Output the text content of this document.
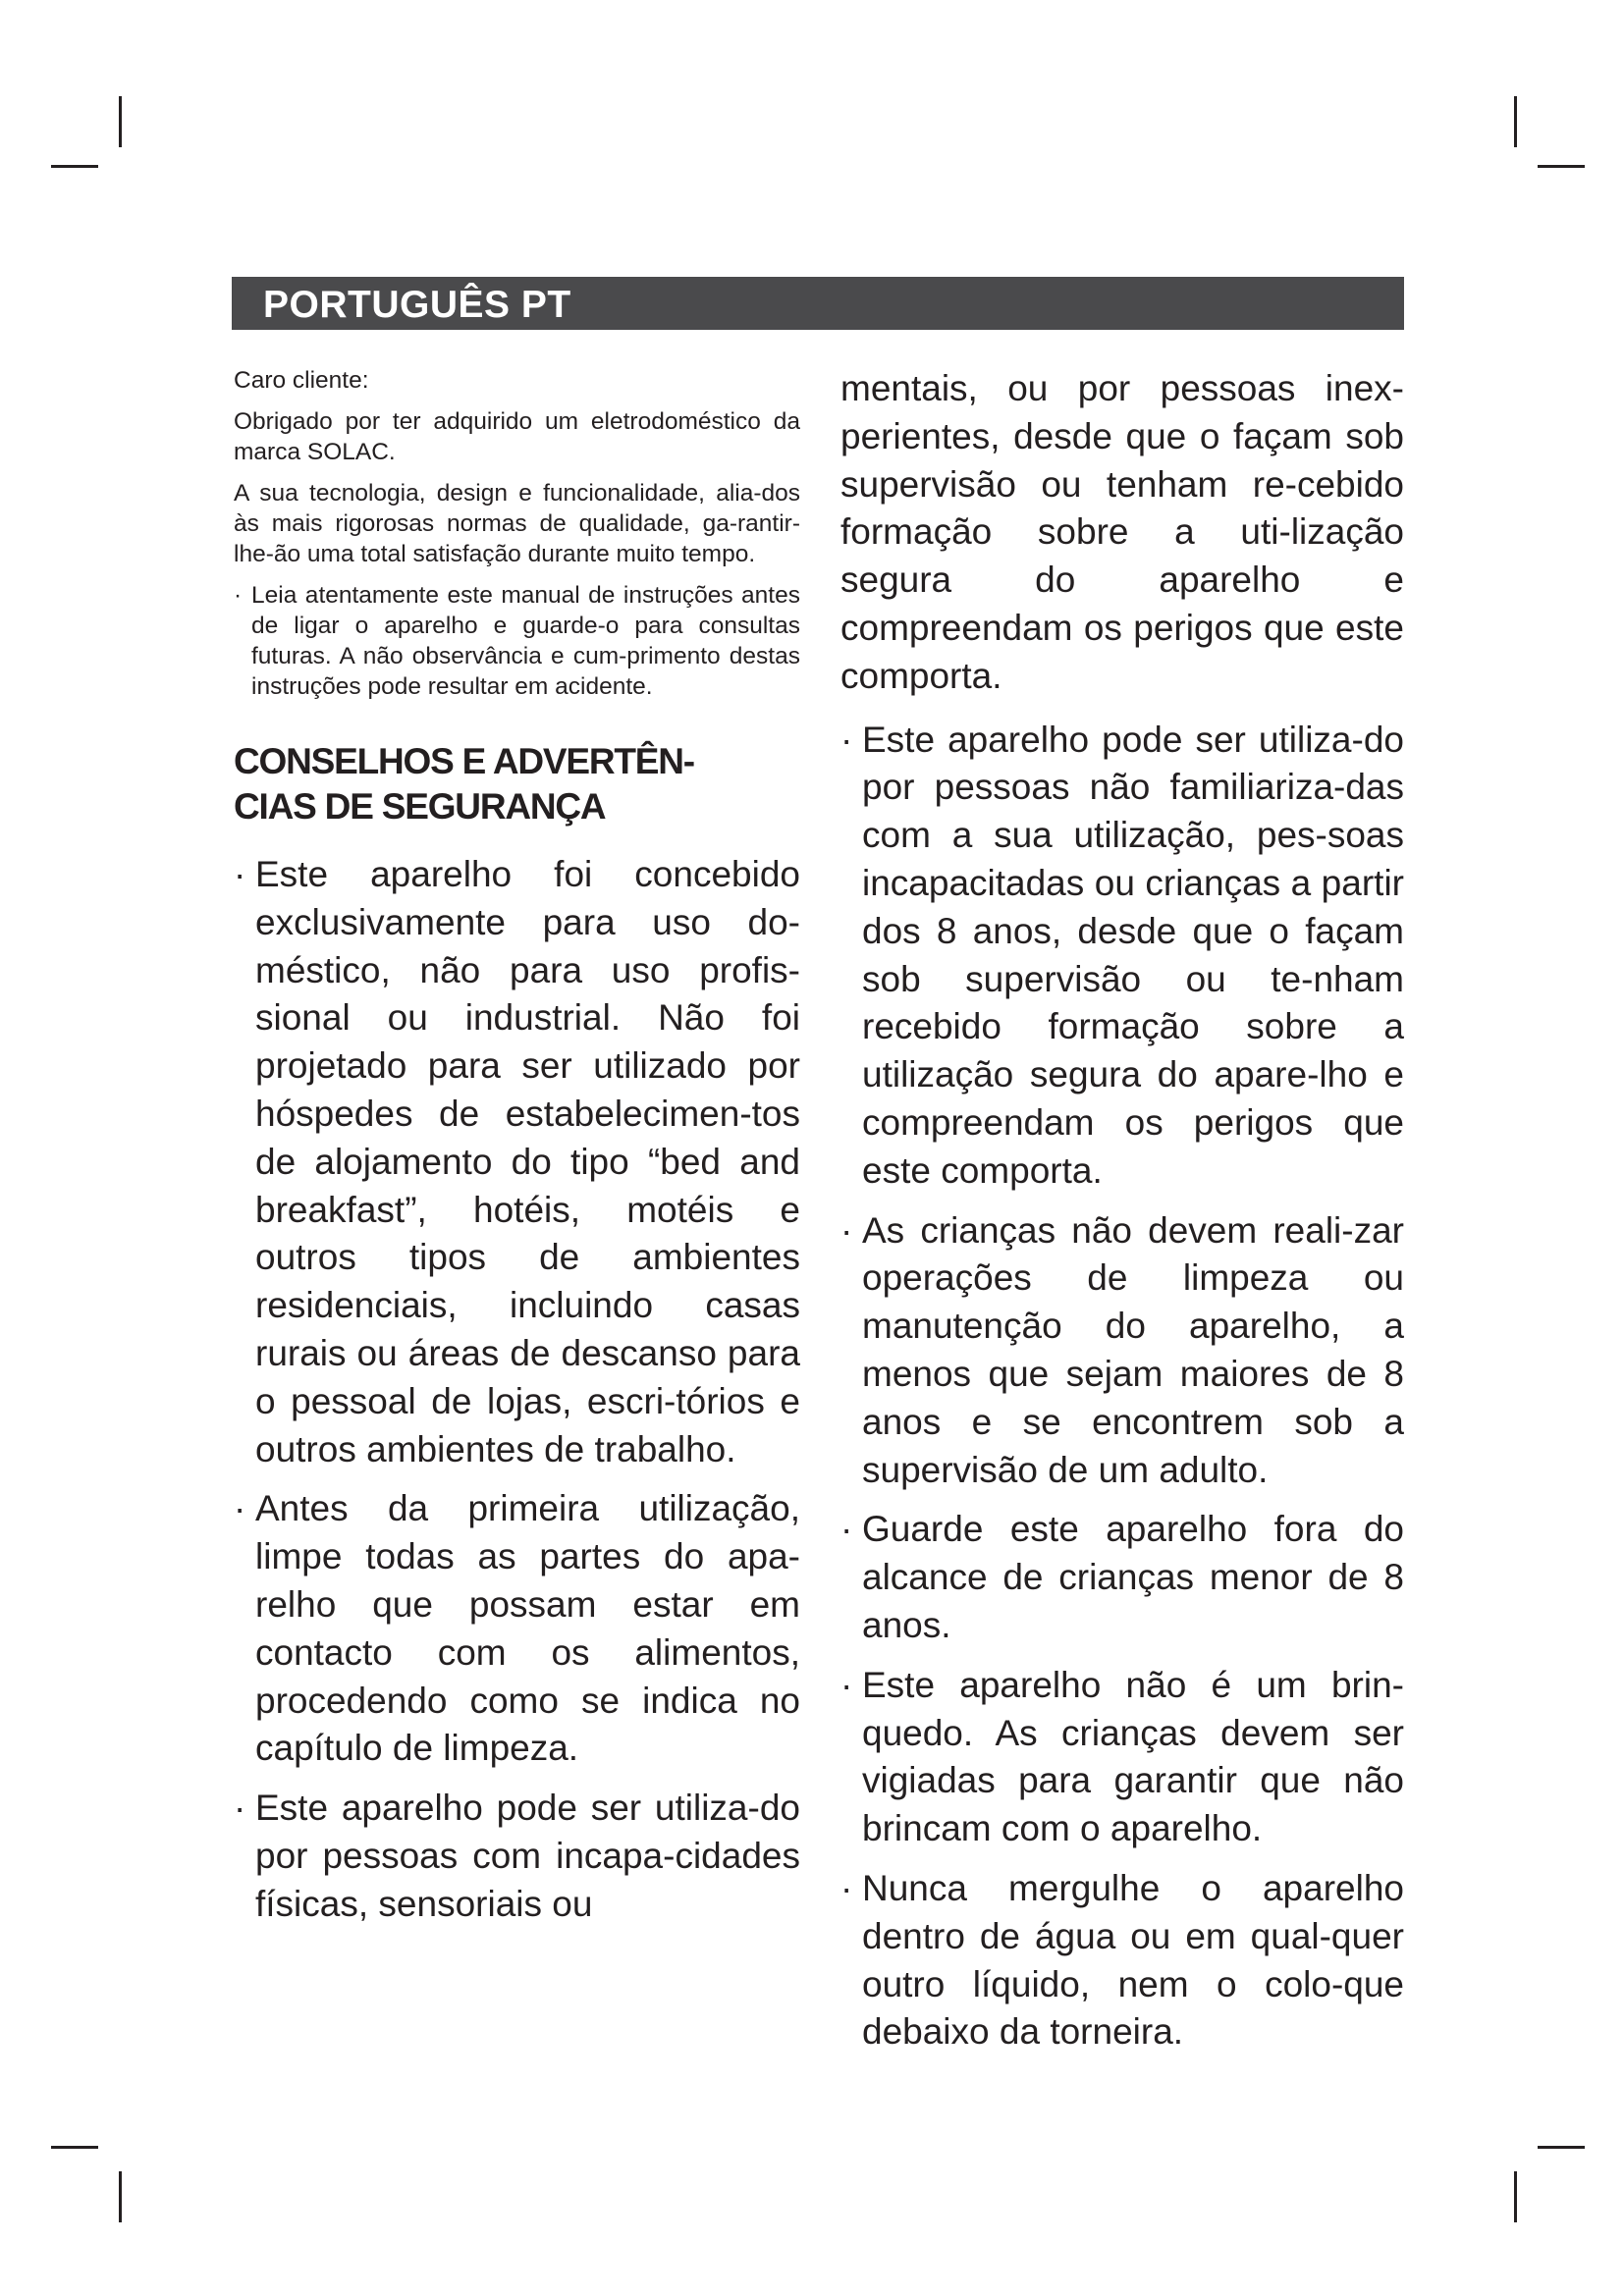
PORTUGUÊS PT

Caro cliente:

Obrigado por ter adquirido um eletrodoméstico da marca SOLAC.

A sua tecnologia, design e funcionalidade, alia-dos às mais rigorosas normas de qualidade, ga-rantir-lhe-ão uma total satisfação durante muito tempo.

· Leia atentamente este manual de instruções antes de ligar o aparelho e guarde-o para consultas futuras. A não observância e cum-primento destas instruções pode resultar em acidente.

CONSELHOS E ADVERTÊN-
CIAS DE SEGURANÇA

· Este aparelho foi concebido exclusivamente para uso do-méstico, não para uso profis-sional ou industrial. Não foi projetado para ser utilizado por hóspedes de estabelecimen-tos de alojamento do tipo “bed and breakfast”, hotéis, motéis e outros tipos de ambientes residenciais, incluindo casas rurais ou áreas de descanso para o pessoal de lojas, escri-tórios e outros ambientes de trabalho.

· Antes da primeira utilização, limpe todas as partes do apa-relho que possam estar em contacto com os alimentos, procedendo como se indica no capítulo de limpeza.

· Este aparelho pode ser utiliza-do por pessoas com incapa-cidades físicas, sensoriais ou

mentais, ou por pessoas inex-perientes, desde que o façam sob supervisão ou tenham re-cebido formação sobre a uti-lização segura do aparelho e compreendam os perigos que este comporta.

· Este aparelho pode ser utiliza-do por pessoas não familiariza-das com a sua utilização, pes-soas incapacitadas ou crianças a partir dos 8 anos, desde que o façam sob supervisão ou te-nham recebido formação sobre a utilização segura do apare-lho e compreendam os perigos que este comporta.

· As crianças não devem reali-zar operações de limpeza ou manutenção do aparelho, a menos que sejam maiores de 8 anos e se encontrem sob a supervisão de um adulto.

· Guarde este aparelho fora do alcance de crianças menor de 8 anos.

· Este aparelho não é um brin-quedo. As crianças devem ser vigiadas para garantir que não brincam com o aparelho.

· Nunca mergulhe o aparelho dentro de água ou em qual-quer outro líquido, nem o colo-que debaixo da torneira.
